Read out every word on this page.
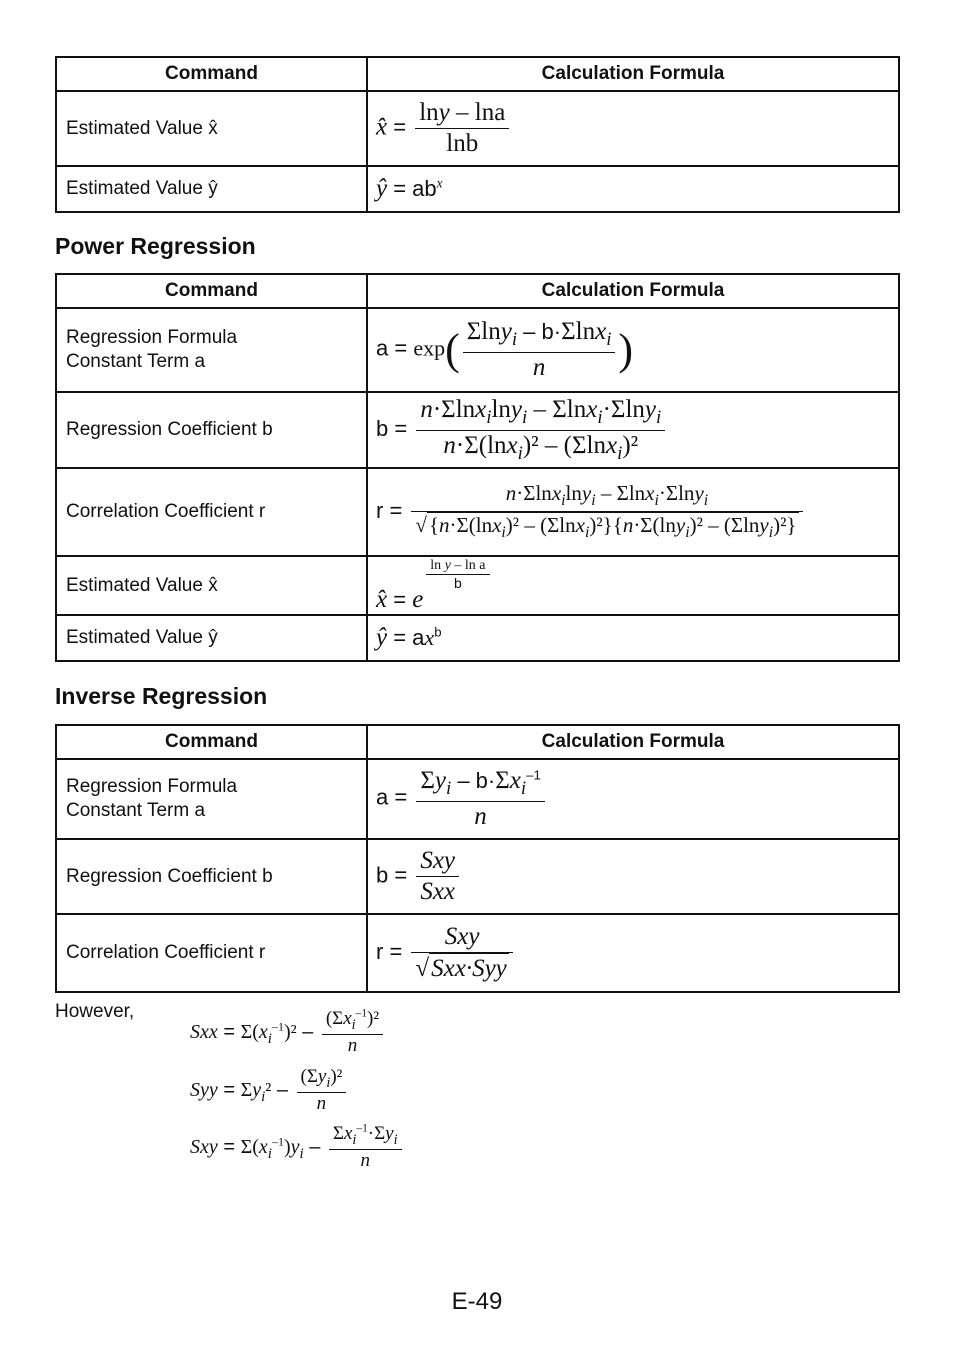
Command	Calculation Formula
Estimated Value x̂	x̂ = $\frac{\ln y - \ln a}{\ln b}$

Estimated Value ŷ	ŷ = $ab^x$
Power Regression
Command	Calculation Formula
Regression Formula
Constant Term a	$a = \exp( \frac{\Sigma\ln y_i - b\cdot\Sigma\ln x_i}{n}$ )
Regression Coefficient b	$b = \frac{n\cdot\Sigma\ln x_i\ln y_i - \Sigma\ln x_i\cdot\Sigma\ln y_i}{n\cdot\Sigma(\ln x_i)^2 - (\Sigma\ln x_i)^2}$

Correlation Coefficient r	$r = \frac{n\cdot\Sigma\ln x_i\ln y_i - \Sigma\ln x_i\cdot\Sigma\ln y_i}{√\{n\cdot\Sigma(\ln x_i)^2 - (\Sigma\ln x_i)^2\}\{n\cdot\Sigma(\ln y_i)^2 - (\Sigma\ln y_i)^2\}}$

Estimated Value x̂	x̂ = e
$\frac{\text{ln y – ln a}}{b}$

Estimated Value ŷ	ŷ = $ax^b$
Inverse Regression
Command	Calculation Formula
Regression Formula
Constant Term a	$a = \frac{\Sigma y_i - b\cdot\Sigma x_i^{-1}}{n}$

Regression Coefficient b	$b = \frac{\text{Sxy}}{\text{Sxx}}$

Correlation Coefficient r	$r = \frac{\text{Sxy}}{\text{√Sxx·Syy}}$
However,
Sxx = $\Sigma(x_i^{-1})^2 - \frac{(\Sigma x_i^{-1})^2}{n}$
Syy = $\Sigma y_i^2 - \frac{(\Sigma y_i)^2}{n}$
Sxy = $\Sigma(x_i^{-1})y_i - \frac{\Sigma x_i^{-1}\cdot\Sigma y_i}{n}$
E-49
